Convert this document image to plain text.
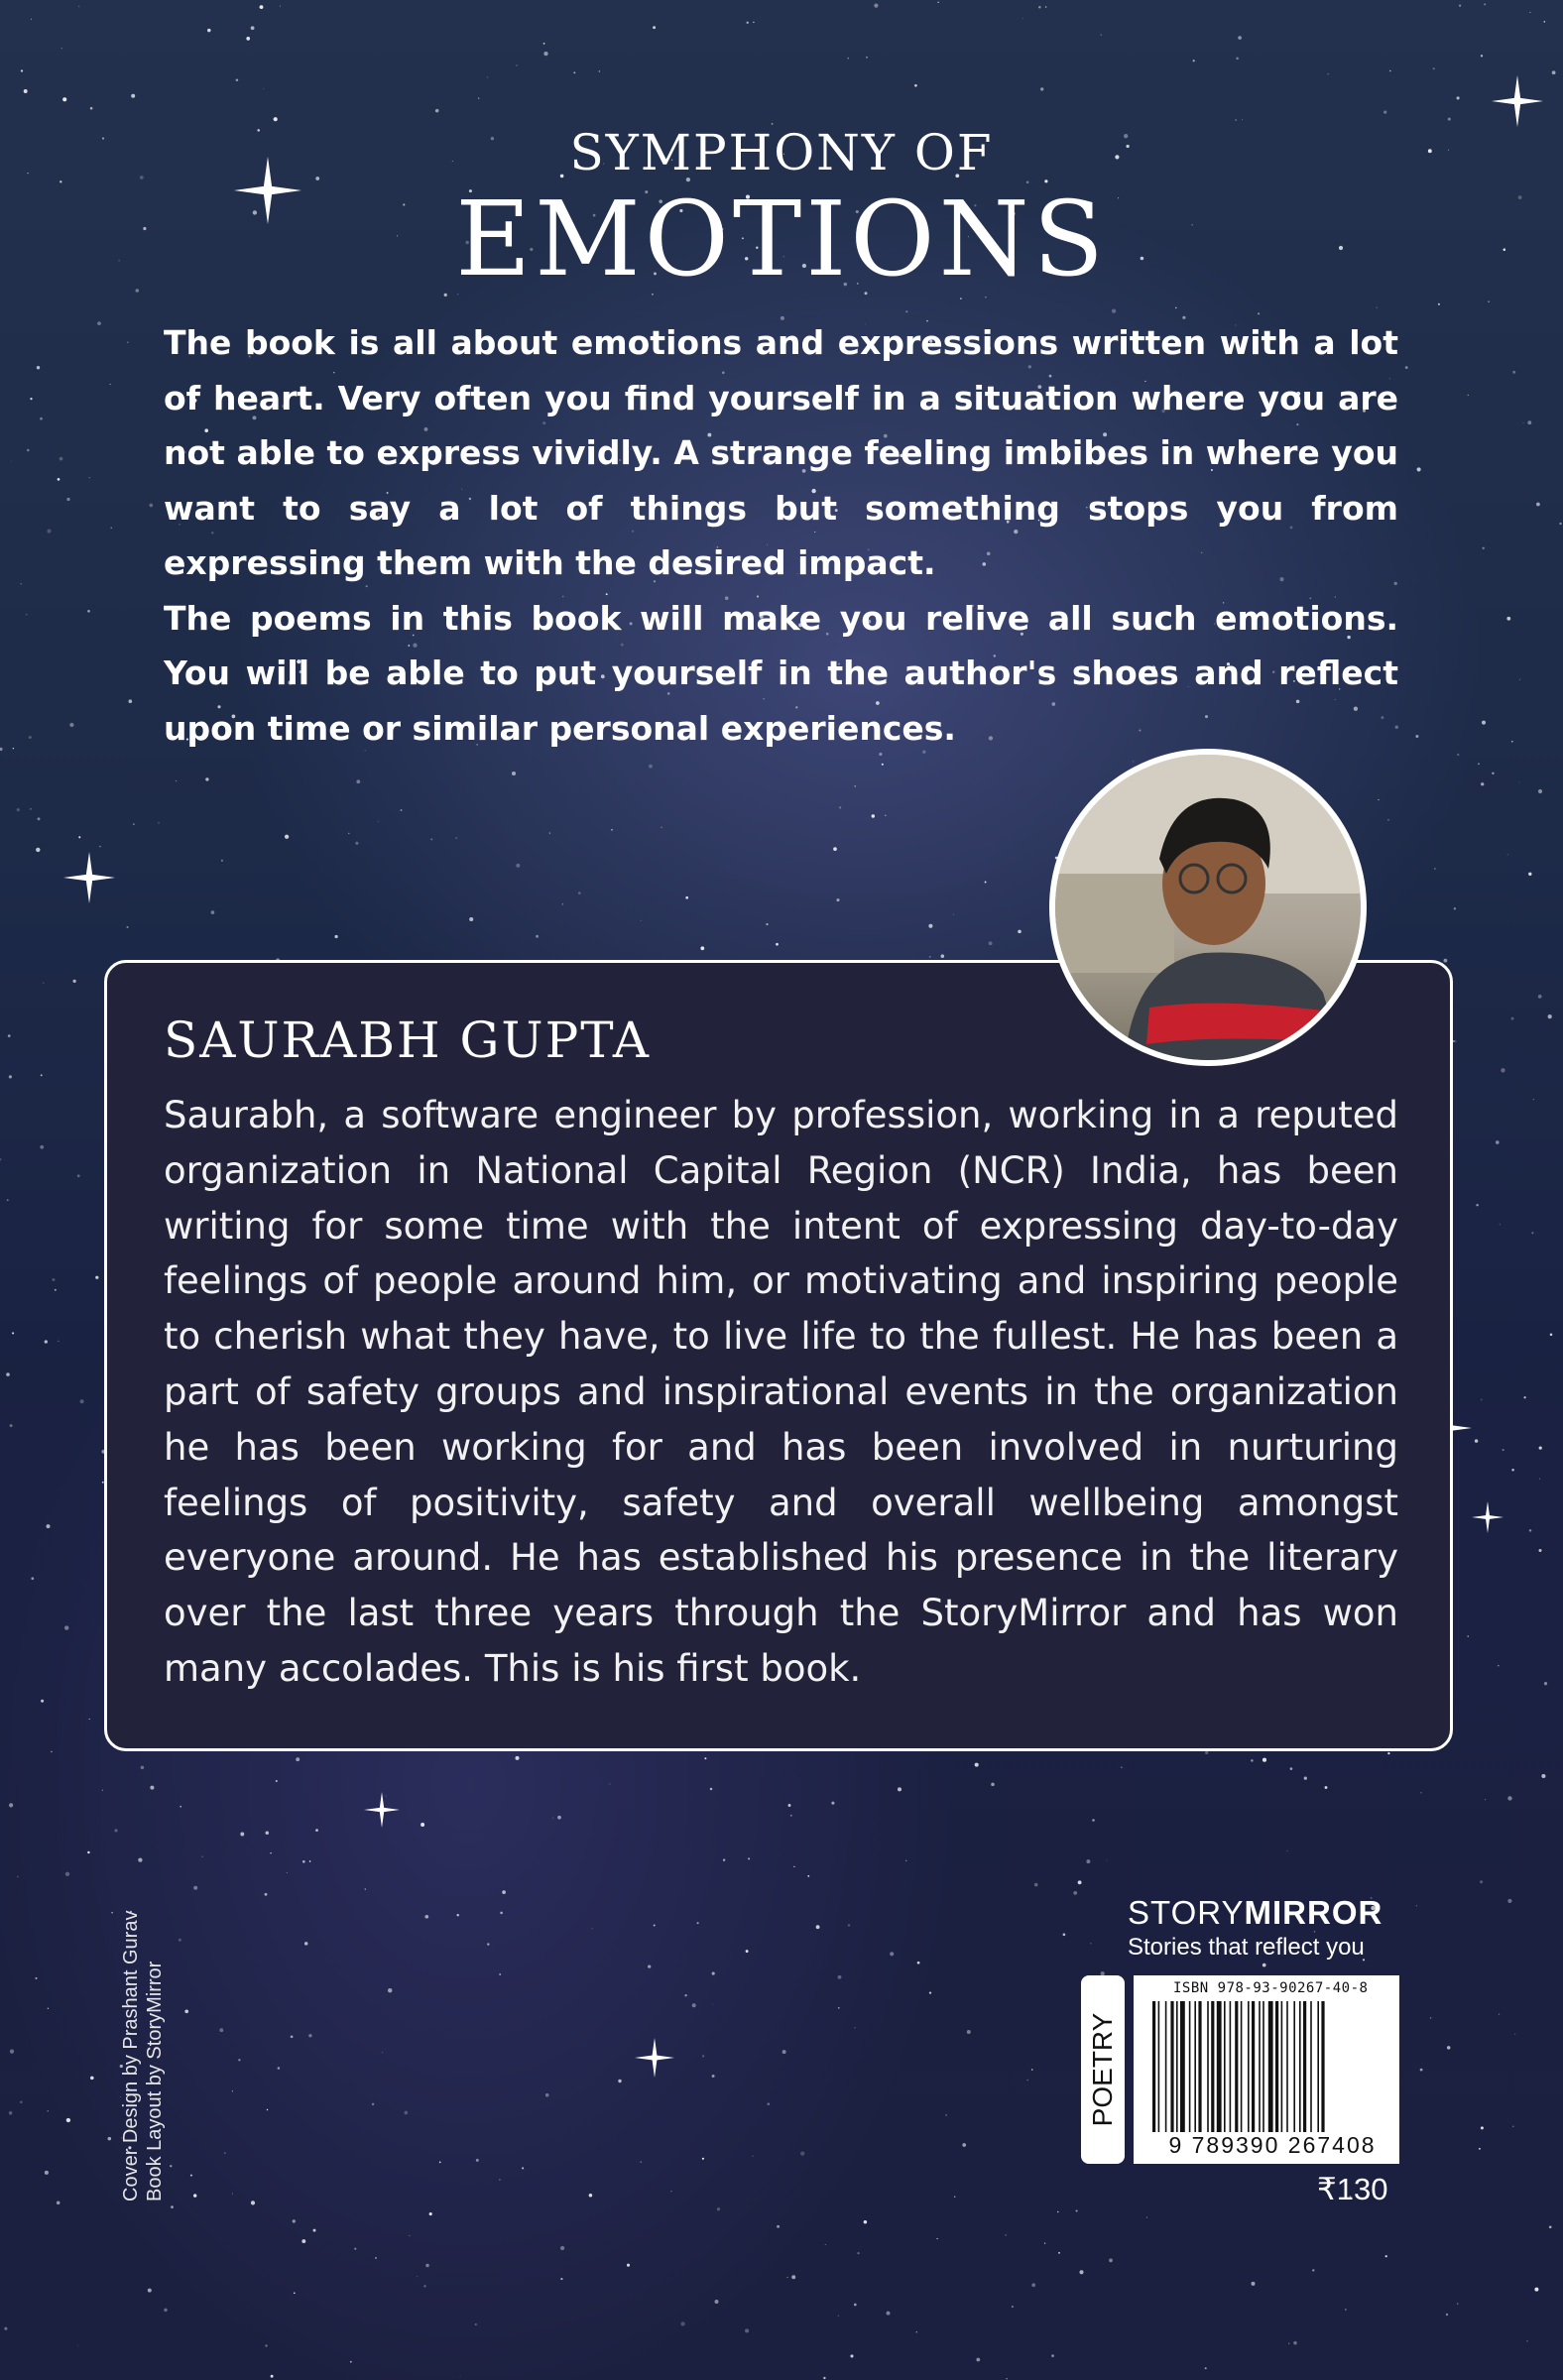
SYMPHONY OF
EMOTIONS

The book is all about emotions and expressions written with a lot of heart. Very often you find yourself in a situation where you are not able to express vividly. A strange feeling imbibes in where you want to say a lot of things but something stops you from expressing them with the desired impact.

The poems in this book will make you relive all such emotions. You will be able to put yourself in the author's shoes and reflect upon time or similar personal experiences.

SAURABH GUPTA

Saurabh, a software engineer by profession, working in a reputed organization in National Capital Region (NCR) India, has been writing for some time with the intent of expressing day-to-day feelings of people around him, or motivating and inspiring people to cherish what they have, to live life to the fullest. He has been a part of safety groups and inspirational events in the organization he has been working for and has been involved in nurturing feelings of positivity, safety and overall wellbeing amongst everyone around. He has established his presence in the literary over the last three years through the StoryMirror and has won many accolades. This is his first book.

Cover Design by Prashant Gurav Book Layout by StoryMirror
STORYMIRROR
Stories that reflect you
POETRY
ISBN 978-93-90267-40-8
9 789390 267408
₹130
